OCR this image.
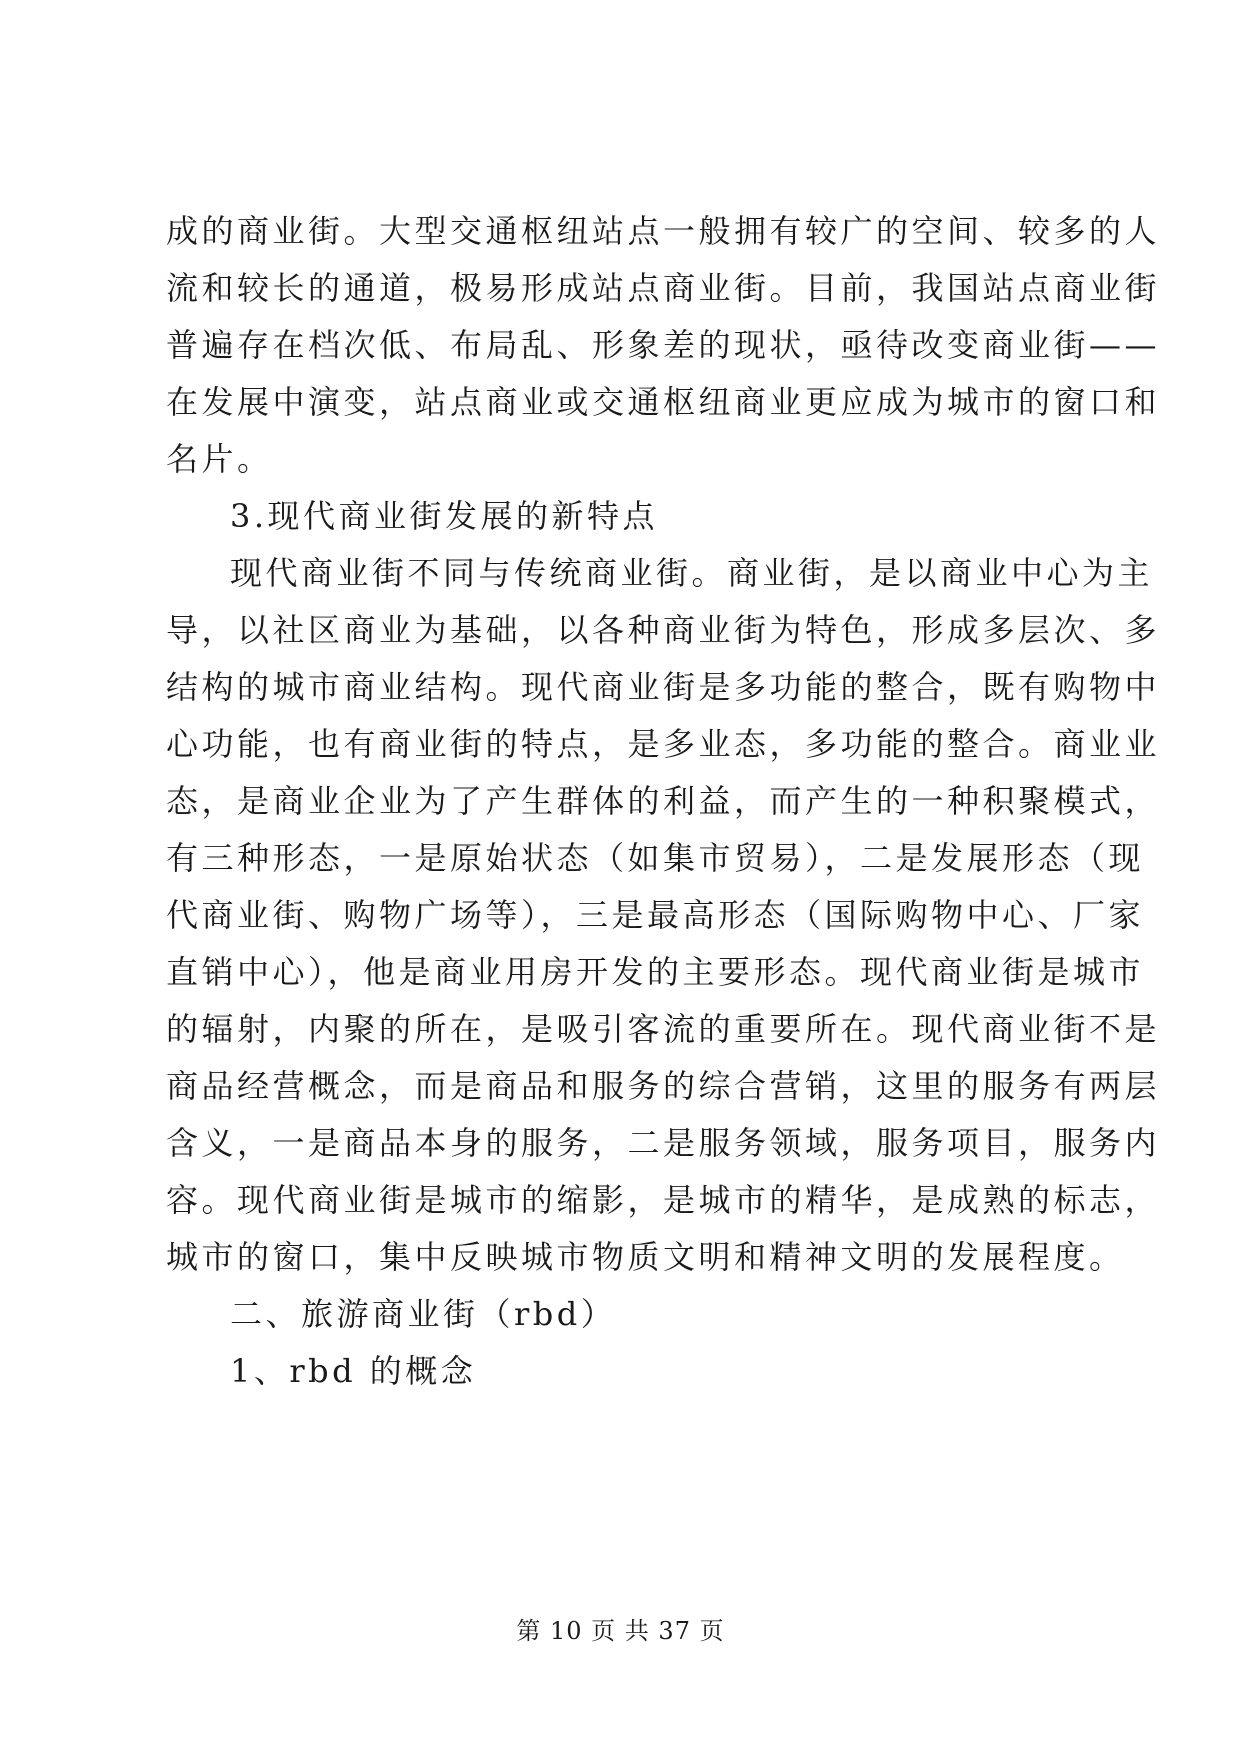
成的商业街。大型交通枢纽站点一般拥有较广的空间、较多的人
流和较长的通道，极易形成站点商业街。目前，我国站点商业街
普遍存在档次低、布局乱、形象差的现状，亟待改变商业街——
在发展中演变，站点商业或交通枢纽商业更应成为城市的窗口和
名片。
3.现代商业街发展的新特点
现代商业街不同与传统商业街。商业街，是以商业中心为主
导，以社区商业为基础，以各种商业街为特色，形成多层次、多
结构的城市商业结构。现代商业街是多功能的整合，既有购物中
心功能，也有商业街的特点，是多业态，多功能的整合。商业业
态，是商业企业为了产生群体的利益，而产生的一种积聚模式，
有三种形态，一是原始状态（如集市贸易），二是发展形态（现
代商业街、购物广场等），三是最高形态（国际购物中心、厂家
直销中心），他是商业用房开发的主要形态。现代商业街是城市
的辐射，内聚的所在，是吸引客流的重要所在。现代商业街不是
商品经营概念，而是商品和服务的综合营销，这里的服务有两层
含义，一是商品本身的服务，二是服务领域，服务项目，服务内
容。现代商业街是城市的缩影，是城市的精华，是成熟的标志，
城市的窗口，集中反映城市物质文明和精神文明的发展程度。
二、旅游商业街（rbd）
1、rbd 的概念
第 10 页 共 37 页
